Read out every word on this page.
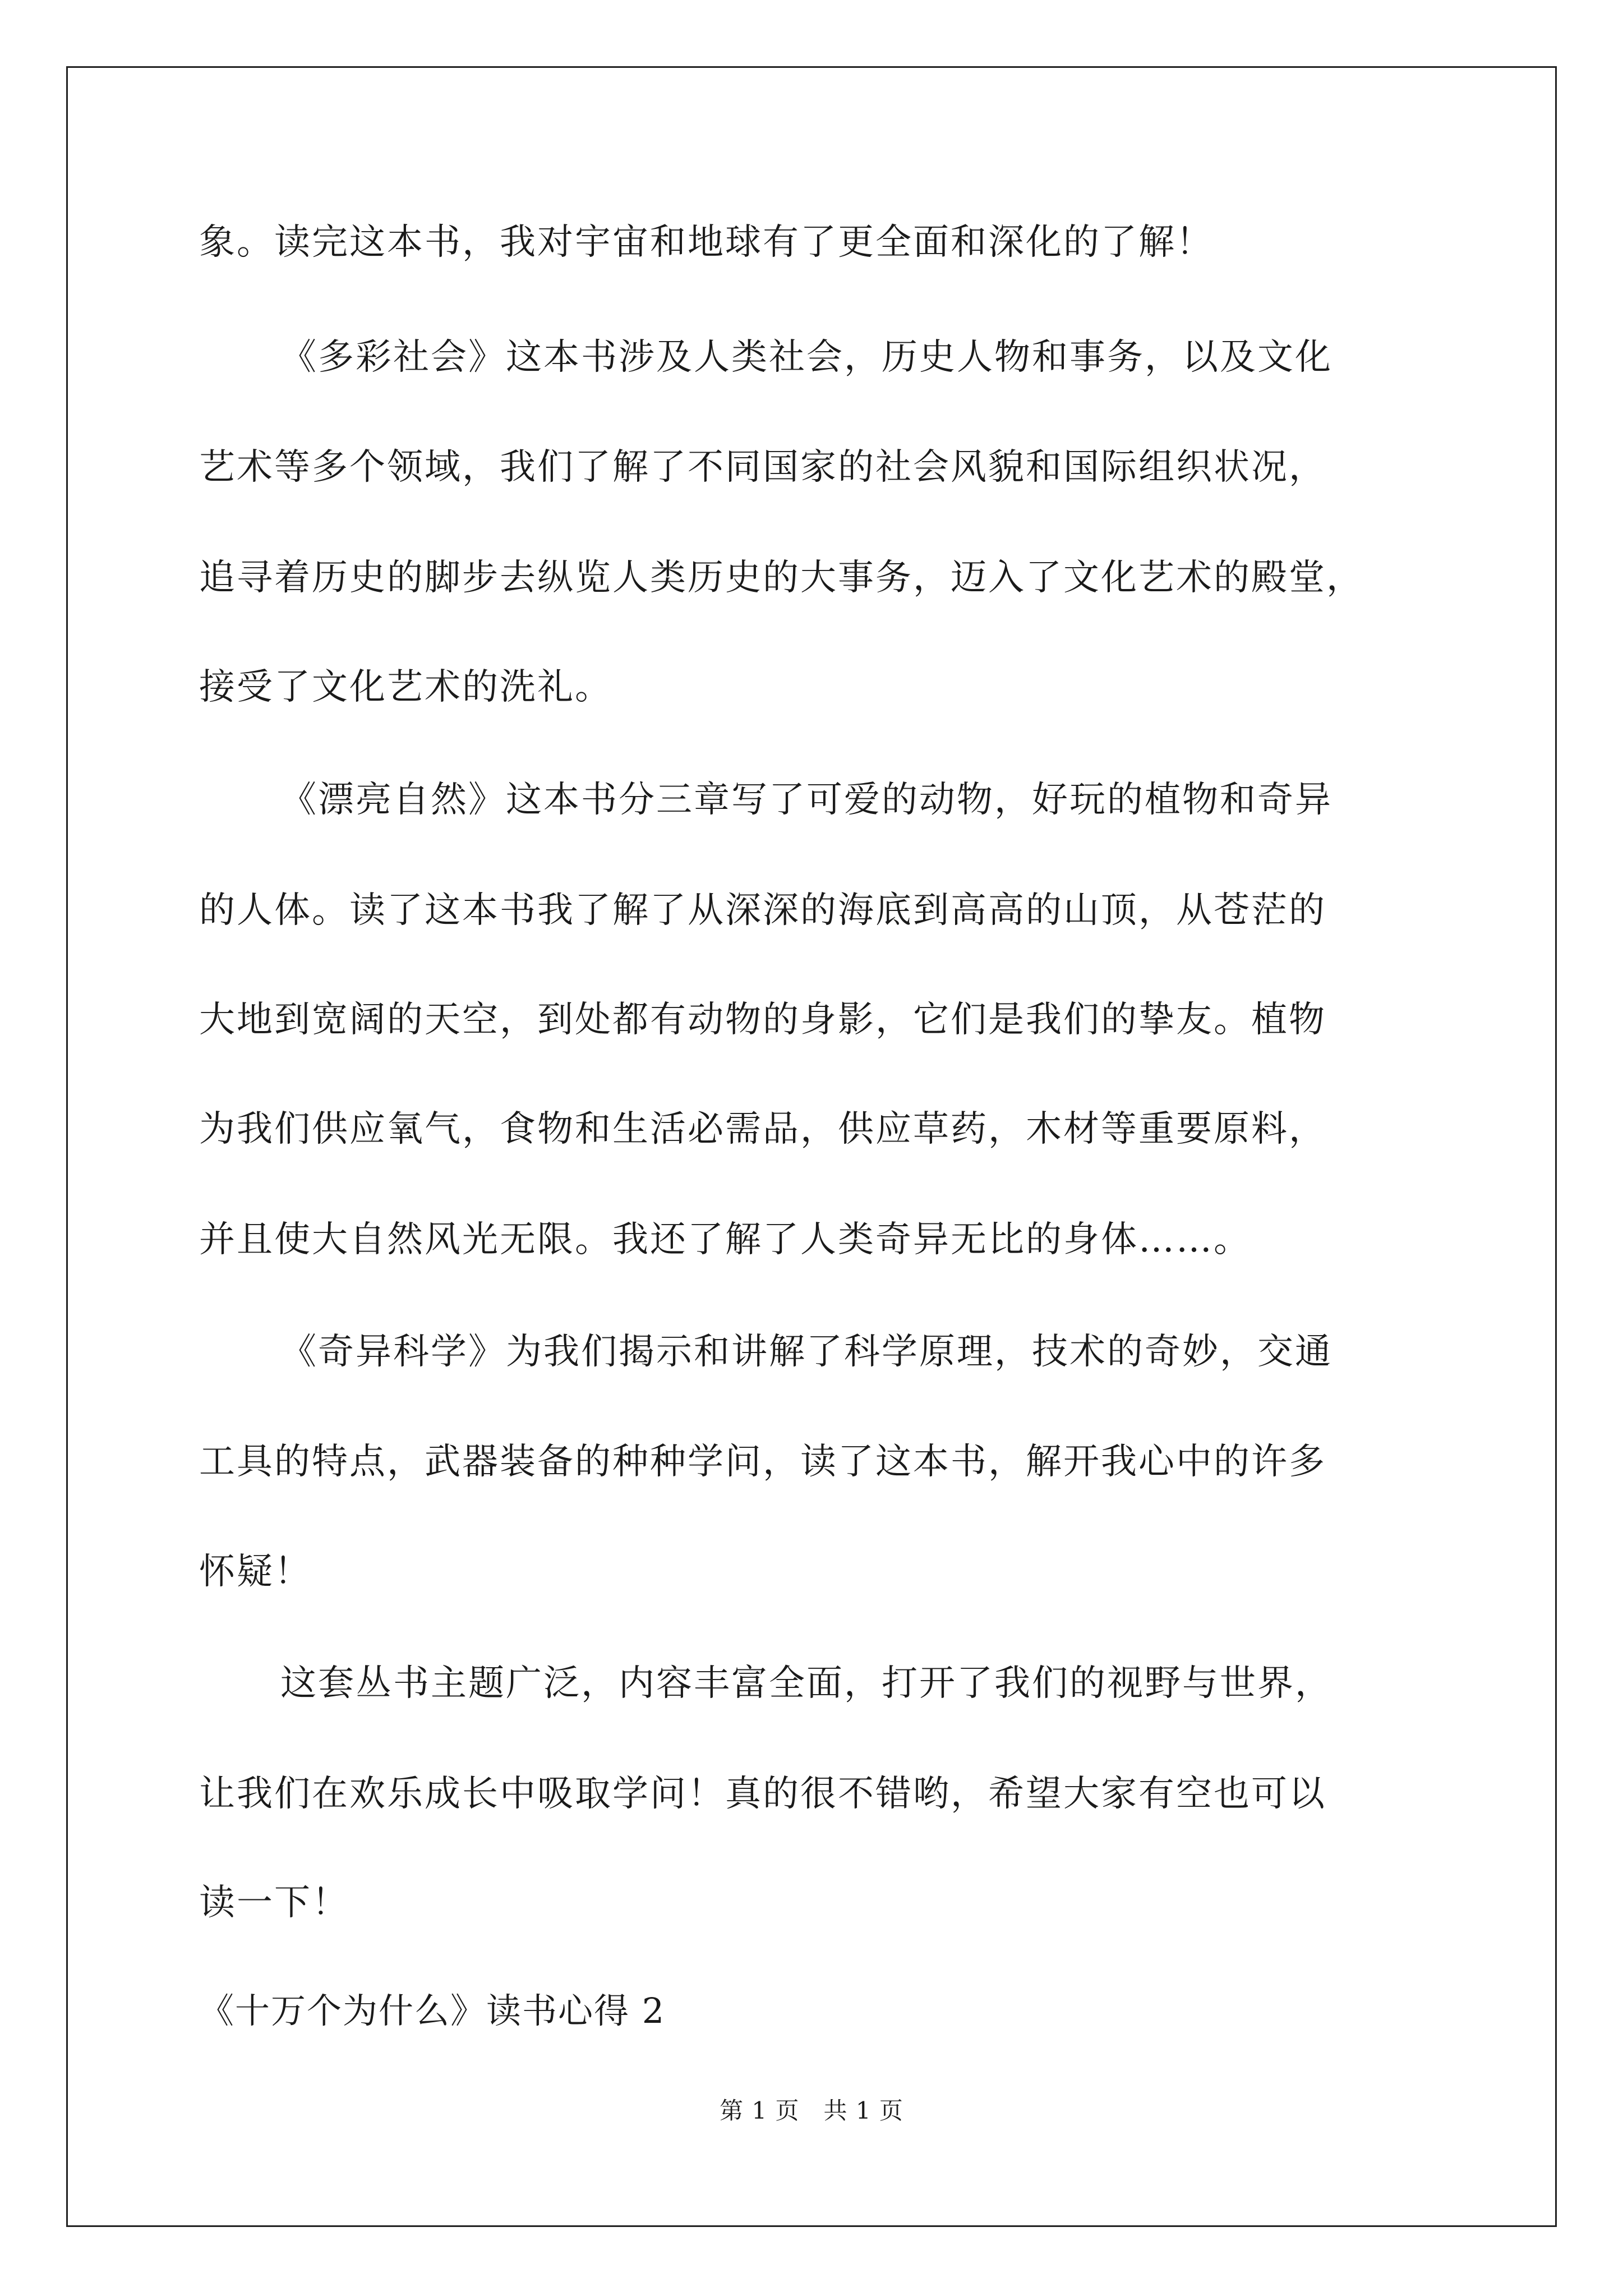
象。读完这本书，我对宇宙和地球有了更全面和深化的了解！
《多彩社会》这本书涉及人类社会，历史人物和事务，以及文化
艺术等多个领域，我们了解了不同国家的社会风貌和国际组织状况，
追寻着历史的脚步去纵览人类历史的大事务，迈入了文化艺术的殿堂，
接受了文化艺术的洗礼。
《漂亮自然》这本书分三章写了可爱的动物，好玩的植物和奇异
的人体。读了这本书我了解了从深深的海底到高高的山顶，从苍茫的
大地到宽阔的天空，到处都有动物的身影，它们是我们的挚友。植物
为我们供应氧气，食物和生活必需品，供应草药，木材等重要原料，
并且使大自然风光无限。我还了解了人类奇异无比的身体……。
《奇异科学》为我们揭示和讲解了科学原理，技术的奇妙，交通
工具的特点，武器装备的种种学问，读了这本书，解开我心中的许多
怀疑！
这套丛书主题广泛，内容丰富全面，打开了我们的视野与世界，
让我们在欢乐成长中吸取学问！真的很不错哟，希望大家有空也可以
读一下！
《十万个为什么》读书心得 2
第 1 页　共 1 页
